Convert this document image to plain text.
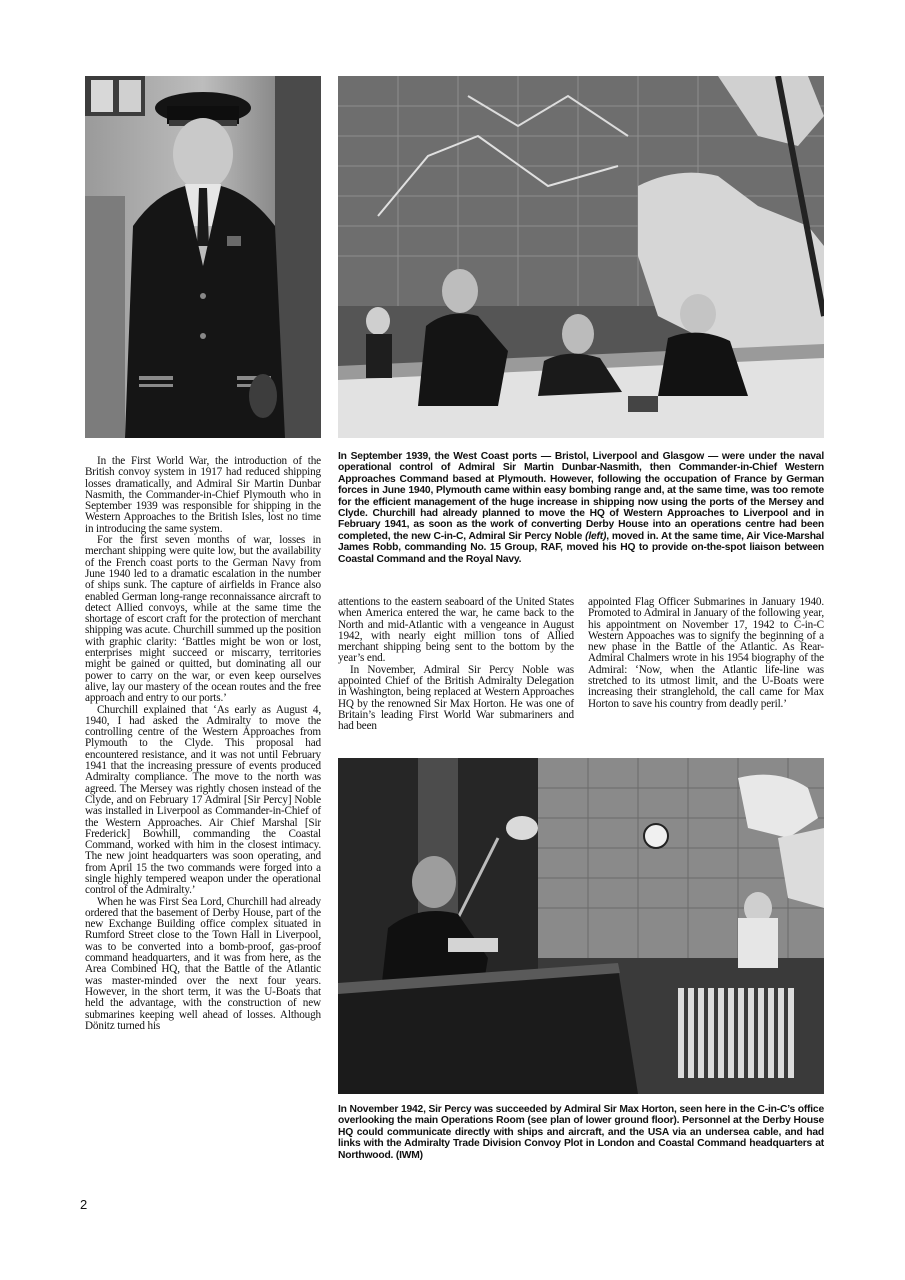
In September 1939, the West Coast ports — Bristol, Liverpool and Glasgow — were under the naval operational control of Admiral Sir Martin Dunbar-Nasmith, then Commander-in-Chief Western Approaches Command based at Plymouth. However, following the occupation of France by German forces in June 1940, Plymouth came within easy bombing range and, at the same time, was too remote for the efficient management of the huge increase in shipping now using the ports of the Mersey and Clyde. Churchill had already planned to move the HQ of Western Approaches to Liverpool and in February 1941, as soon as the work of converting Derby House into an operations centre had been completed, the new C-in-C, Admiral Sir Percy Noble (left), moved in. At the same time, Air Vice-Marshal James Robb, commanding No. 15 Group, RAF, moved his HQ to provide on-the-spot liaison between Coastal Command and the Royal Navy.

In the First World War, the introduction of the British convoy system in 1917 had reduced shipping losses dramatically, and Admiral Sir Martin Dunbar Nasmith, the Commander-in-Chief Plymouth who in September 1939 was responsible for shipping in the Western Approaches to the British Isles, lost no time in introducing the same system.

For the first seven months of war, losses in merchant shipping were quite low, but the availability of the French coast ports to the German Navy from June 1940 led to a dramatic escalation in the number of ships sunk. The capture of airfields in France also enabled German long-range reconnaissance aircraft to detect Allied convoys, while at the same time the shortage of escort craft for the protection of merchant shipping was acute. Churchill summed up the position with graphic clarity: ‘Battles might be won or lost, enterprises might succeed or miscarry, territories might be gained or quitted, but dominating all our power to carry on the war, or even keep ourselves alive, lay our mastery of the ocean routes and the free approach and entry to our ports.’

Churchill explained that ‘As early as August 4, 1940, I had asked the Admiralty to move the controlling centre of the Western Approaches from Plymouth to the Clyde. This proposal had encountered resistance, and it was not until February 1941 that the increasing pressure of events produced Admiralty compliance. The move to the north was agreed. The Mersey was rightly chosen instead of the Clyde, and on February 17 Admiral [Sir Percy] Noble was installed in Liverpool as Commander-in-Chief of the Western Approaches. Air Chief Marshal [Sir Frederick] Bowhill, commanding the Coastal Command, worked with him in the closest intimacy. The new joint headquarters was soon operating, and from April 15 the two commands were forged into a single highly tempered weapon under the operational control of the Admiralty.’

When he was First Sea Lord, Churchill had already ordered that the basement of Derby House, part of the new Exchange Building office complex situated in Rumford Street close to the Town Hall in Liverpool, was to be converted into a bomb-proof, gas-proof command headquarters, and it was from here, as the Area Combined HQ, that the Battle of the Atlantic was master-minded over the next four years. However, in the short term, it was the U-Boats that held the advantage, with the construction of new submarines keeping well ahead of losses. Although Dönitz turned his

attentions to the eastern seaboard of the United States when America entered the war, he came back to the North and mid-Atlantic with a vengeance in August 1942, with nearly eight million tons of Allied merchant shipping being sent to the bottom by the year’s end.

In November, Admiral Sir Percy Noble was appointed Chief of the British Admiralty Delegation in Washington, being replaced at Western Approaches HQ by the renowned Sir Max Horton. He was one of Britain’s leading First World War submariners and had been

appointed Flag Officer Submarines in January 1940. Promoted to Admiral in January of the following year, his appointment on November 17, 1942 to C-in-C Western Appoaches was to signify the beginning of a new phase in the Battle of the Atlantic. As Rear-Admiral Chalmers wrote in his 1954 biography of the Admiral: ‘Now, when the Atlantic life-line was stretched to its utmost limit, and the U-Boats were increasing their stranglehold, the call came for Max Horton to save his country from deadly peril.’

In November 1942, Sir Percy was succeeded by Admiral Sir Max Horton, seen here in the C-in-C’s office overlooking the main Operations Room (see plan of lower ground floor). Personnel at the Derby House HQ could communicate directly with ships and aircraft, and the USA via an undersea cable, and had links with the Admiralty Trade Division Convoy Plot in London and Coastal Command headquarters at Northwood. (IWM)

2
